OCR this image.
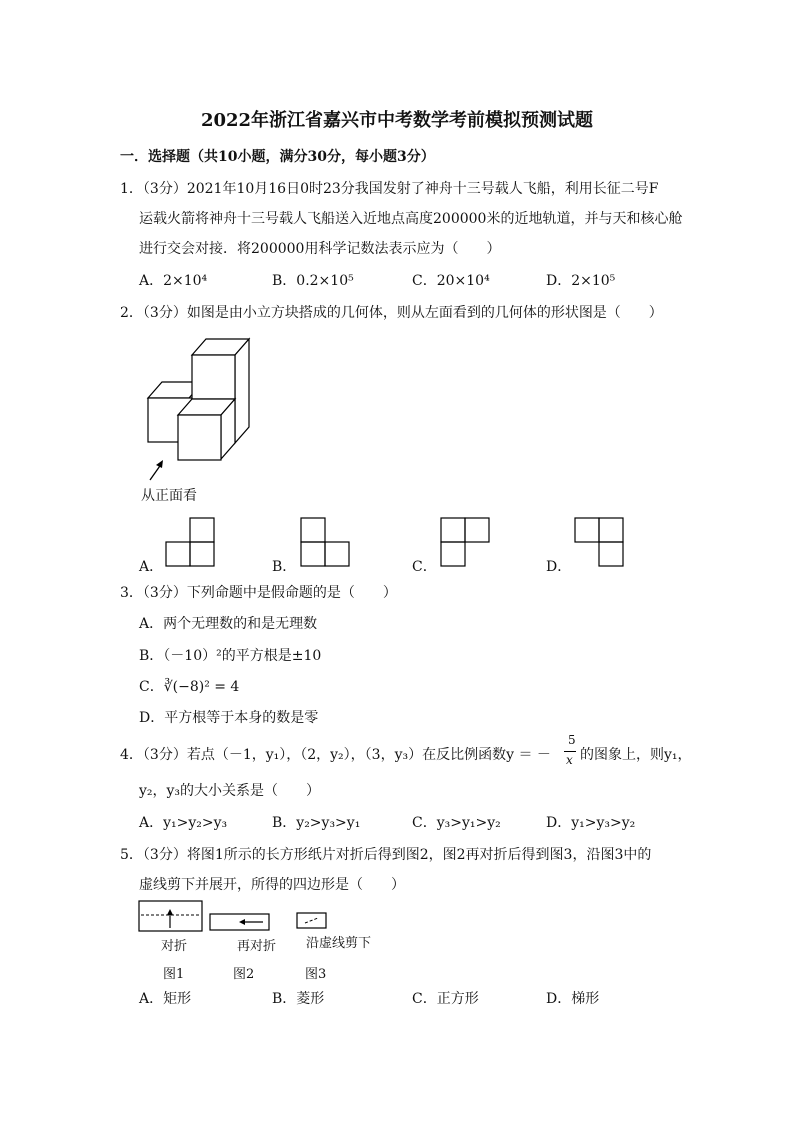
2022年浙江省嘉兴市中考数学考前模拟预测试题
一．选择题（共10小题，满分30分，每小题3分）
1．（3分）2021年10月16日0时23分我国发射了神舟十三号载人飞船，利用长征二号F
运载火箭将神舟十三号载人飞船送入近地点高度200000米的近地轨道，并与天和核心舱
进行交会对接．将200000用科学记数法表示应为（　　）
A．2×10⁴	B．0.2×10⁵	C．20×10⁴	D．2×10⁵
2．（3分）如图是由小立方块搭成的几何体，则从左面看到的几何体的形状图是（　　）
从正面看
A．	B．	C．	D．
3．（3分）下列命题中是假命题的是（　　）
A．两个无理数的和是无理数
B．（－10）²的平方根是±10
C．∛(−8)² = 4
D．平方根等于本身的数是零
4．（3分）若点（－1，y₁），（2，y₂），（3，y₃）在反比例函数y ＝ －
5
x 的图象上，则y₁，
y₂，y₃的大小关系是（　　）
A．y₁>y₂>y₃	B．y₂>y₃>y₁	C．y₃>y₁>y₂	D．y₁>y₃>y₂
5．（3分）将图1所示的长方形纸片对折后得到图2，图2再对折后得到图3，沿图3中的
虚线剪下并展开，所得的四边形是（　　）
对折	再对折 沿虚线剪下
图1	图2	图3
A．矩形	B．菱形	C．正方形	D．梯形
